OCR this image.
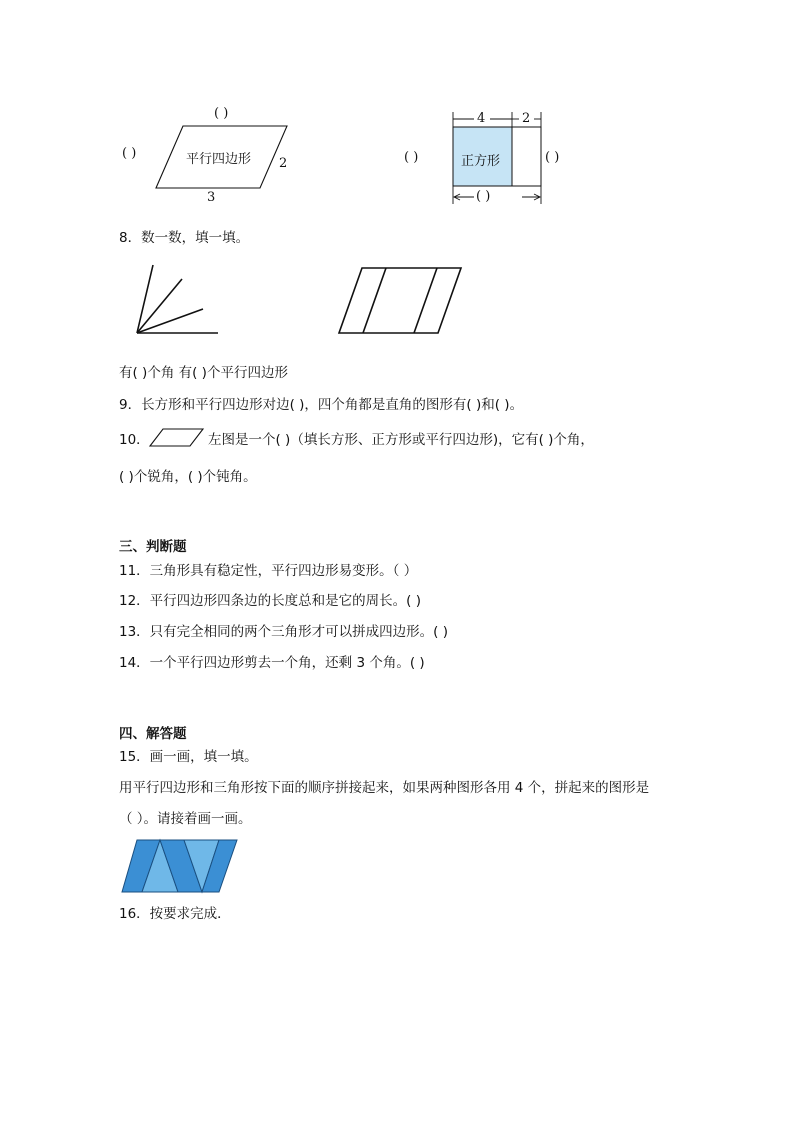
( )
( )	平行四边形 2
3
4	2
正方形
( )	( )
( )
8．数一数，填一填。
有( )个角 有( )个平行四边形
9．长方形和平行四边形对边( )，四个角都是直角的图形有( )和( )。
10．	左图是一个( )（填长方形、正方形或平行四边形)，它有( )个角，
( )个锐角，( )个钝角。
三、判断题
11．三角形具有稳定性，平行四边形易变形。（ ）
12．平行四边形四条边的长度总和是它的周长。( )
13．只有完全相同的两个三角形才可以拼成四边形。( )
14．一个平行四边形剪去一个角，还剩 3 个角。( )
四、解答题
15．画一画，填一填。
用平行四边形和三角形按下面的顺序拼接起来，如果两种图形各用 4 个，拼起来的图形是
（ ）。请接着画一画。
16．按要求完成．
